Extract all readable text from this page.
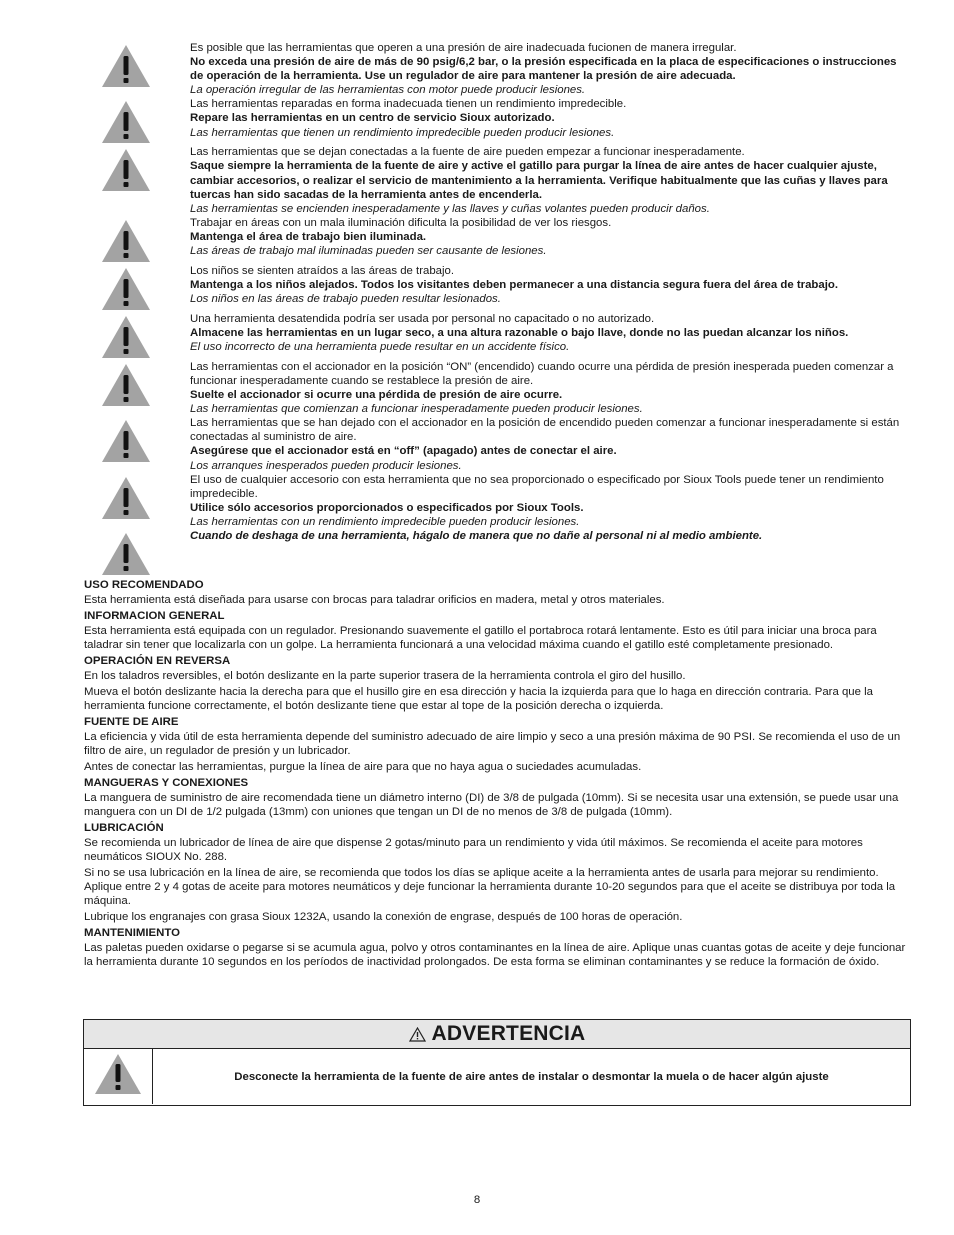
Es posible que las herramientas que operen a una presión de aire inadecuada fucionen de manera irregular.

No exceda una presión de aire de más de 90 psig/6,2 bar, o la presión especificada en la placa de especificaciones o instrucciones de operación de la herramienta. Use un regulador de aire para mantener la presión de aire adecuada.

La operación irregular de las herramientas con motor puede producir lesiones.

Las herramientas reparadas en forma inadecuada tienen un rendimiento impredecible.

Repare las herramientas en un centro de servicio Sioux autorizado.

Las herramientas que tienen un rendimiento impredecible pueden producir lesiones.

Las herramientas que se dejan conectadas a la fuente de aire pueden empezar a funcionar inesperadamente.

Saque siempre la herramienta de la fuente de aire y active el gatillo para purgar la línea de aire antes de hacer cualquier ajuste, cambiar accesorios, o realizar el servicio de mantenimiento a la herramienta. Verifique habitualmente que las cuñas y llaves para tuercas han sido sacadas de la herramienta antes de encenderla.

Las herramientas se encienden inesperadamente y las llaves y cuñas volantes pueden producir daños.

Trabajar en áreas con un mala iluminación dificulta la posibilidad de ver los riesgos.

Mantenga el área de trabajo bien iluminada.

Las áreas de trabajo mal iluminadas pueden ser causante de lesiones.

Los niños se sienten atraídos a las áreas de trabajo.

Mantenga a los niños alejados. Todos los visitantes deben permanecer a una distancia segura fuera del área de trabajo.

Los niños en las áreas de trabajo pueden resultar lesionados.

Una herramienta desatendida podría ser usada por personal no capacitado o no autorizado.

Almacene las herramientas en un lugar seco, a una altura razonable o bajo llave, donde no las puedan alcanzar los niños.

El uso incorrecto de una herramienta puede resultar en un accidente físico.

Las herramientas con el accionador en la posición “ON” (encendido) cuando ocurre una pérdida de presión inesperada pueden comenzar a funcionar inesperadamente cuando se restablece la presión de aire.

Suelte el accionador si ocurre una pérdida de presión de aire ocurre.

Las herramientas que comienzan a funcionar inesperadamente pueden producir lesiones.

Las herramientas que se han dejado con el accionador en la posición de encendido pueden comenzar a funcionar inesperadamente si están conectadas al suministro de aire.

Asegúrese que el accionador está en “off” (apagado) antes de conectar el aire.

Los arranques inesperados pueden producir lesiones.

El uso de cualquier accesorio con esta herramienta que no sea proporcionado o especificado por Sioux Tools puede tener un rendimiento impredecible.

Utilice sólo accesorios proporcionados o especificados por Sioux Tools.

Las herramientas con un rendimiento impredecible pueden producir lesiones.

Cuando de deshaga de una herramienta, hágalo de manera que no dañe al personal ni al medio ambiente.

USO RECOMENDADO

Esta herramienta está diseñada para usarse con brocas para taladrar orificios en madera, metal y otros materiales.

INFORMACION GENERAL

Esta herramienta está equipada con un regulador. Presionando suavemente el gatillo el portabroca rotará lentamente. Esto es útil para iniciar una broca para taladrar sin tener que localizarla con un golpe. La herramienta funcionará a una velocidad máxima cuando el gatillo esté completamente presionado.

OPERACIÓN EN REVERSA

En los taladros reversibles, el botón deslizante en la parte superior trasera de la herramienta controla el giro del husillo.

Mueva el botón deslizante hacia la derecha para que el husillo gire en esa dirección y hacia la izquierda para que lo haga en dirección contraria. Para que la herramienta funcione correctamente, el botón deslizante tiene que estar al tope de la posición derecha o izquierda.

FUENTE DE AIRE

La eficiencia y vida útil de esta herramienta depende del suministro adecuado de aire limpio y seco a una presión máxima de 90 PSI. Se recomienda el uso de un filtro de aire, un regulador de presión y un lubricador.

Antes de conectar las herramientas, purgue la línea de aire para que no haya agua o suciedades acumuladas.

MANGUERAS Y CONEXIONES

La manguera de suministro de aire recomendada tiene un diámetro interno (DI) de 3/8 de pulgada (10mm). Si se necesita usar una extensión, se puede usar una manguera con un DI de 1/2 pulgada (13mm) con uniones que tengan un DI de no menos de 3/8 de pulgada (10mm).

LUBRICACIÓN

Se recomienda un lubricador de línea de aire que dispense 2 gotas/minuto para un rendimiento y vida útil máximos. Se recomienda el aceite para motores neumáticos SIOUX No. 288.

Si no se usa lubricación en la línea de aire, se recomienda que todos los días se aplique aceite a la herramienta antes de usarla para mejorar su rendimiento. Aplique entre 2 y 4 gotas de aceite para motores neumáticos y deje funcionar la herramienta durante 10-20 segundos para que el aceite se distribuya por toda la máquina.

Lubrique los engranajes con grasa Sioux 1232A, usando la conexión de engrase, después de 100 horas de operación.

MANTENIMIENTO

Las paletas pueden oxidarse o pegarse si se acumula agua, polvo y otros contaminantes en la línea de aire. Aplique unas cuantas gotas de aceite y deje funcionar la herramienta durante 10 segundos en los períodos de inactividad prolongados. De esta forma se eliminan contaminantes y se reduce la formación de óxido.

ADVERTENCIA
Desconecte la herramienta de la fuente de aire antes de instalar o desmontar la muela o de hacer algún ajuste
8
